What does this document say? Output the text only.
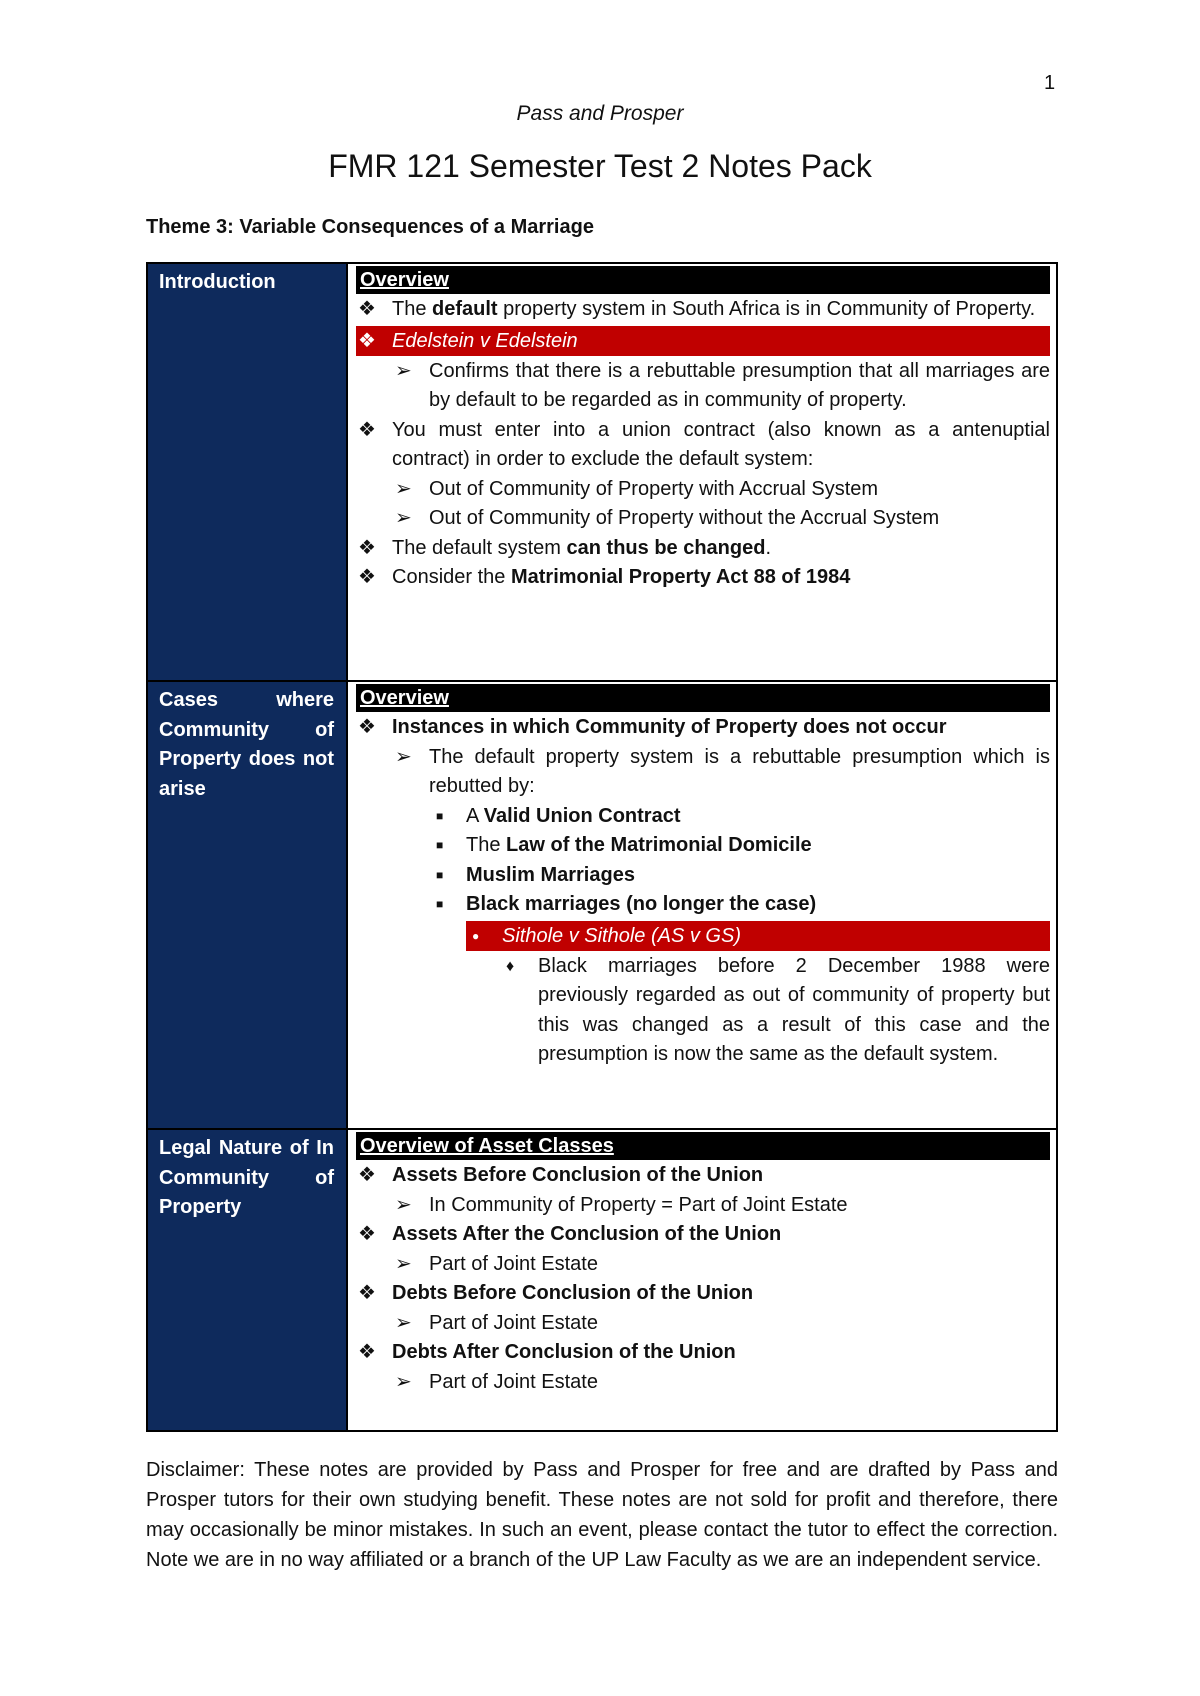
1
Pass and Prosper
FMR 121 Semester Test 2 Notes Pack
Theme 3: Variable Consequences of a Marriage
Introduction	Overview
❖ The default property system in South Africa is in Community of Property.
❖ Edelstein v Edelstein
➢ Confirms that there is a rebuttable presumption that all marriages are by default to be regarded as in community of property.
❖ You must enter into a union contract (also known as a antenuptial contract) in order to exclude the default system:
➢ Out of Community of Property with Accrual System
➢ Out of Community of Property without the Accrual System
❖ The default system can thus be changed.
❖ Consider the Matrimonial Property Act 88 of 1984
Cases where Community of Property does not arise
Overview
❖ Instances in which Community of Property does not occur
➢ The default property system is a rebuttable presumption which is rebutted by:
■ A Valid Union Contract
■ The Law of the Matrimonial Domicile
■ Muslim Marriages
■ Black marriages (no longer the case)
● Sithole v Sithole (AS v GS)
♦ Black marriages before 2 December 1988 were previously regarded as out of community of property but this was changed as a result of this case and the presumption is now the same as the default system.
Legal Nature of In Community of Property
Overview of Asset Classes
❖ Assets Before Conclusion of the Union
➢ In Community of Property = Part of Joint Estate
❖ Assets After the Conclusion of the Union
➢ Part of Joint Estate
❖ Debts Before Conclusion of the Union
➢ Part of Joint Estate
❖ Debts After Conclusion of the Union
➢ Part of Joint Estate
Disclaimer: These notes are provided by Pass and Prosper for free and are drafted by Pass and Prosper tutors for their own studying benefit. These notes are not sold for profit and therefore, there may occasionally be minor mistakes. In such an event, please contact the tutor to effect the correction. Note we are in no way affiliated or a branch of the UP Law Faculty as we are an independent service.
